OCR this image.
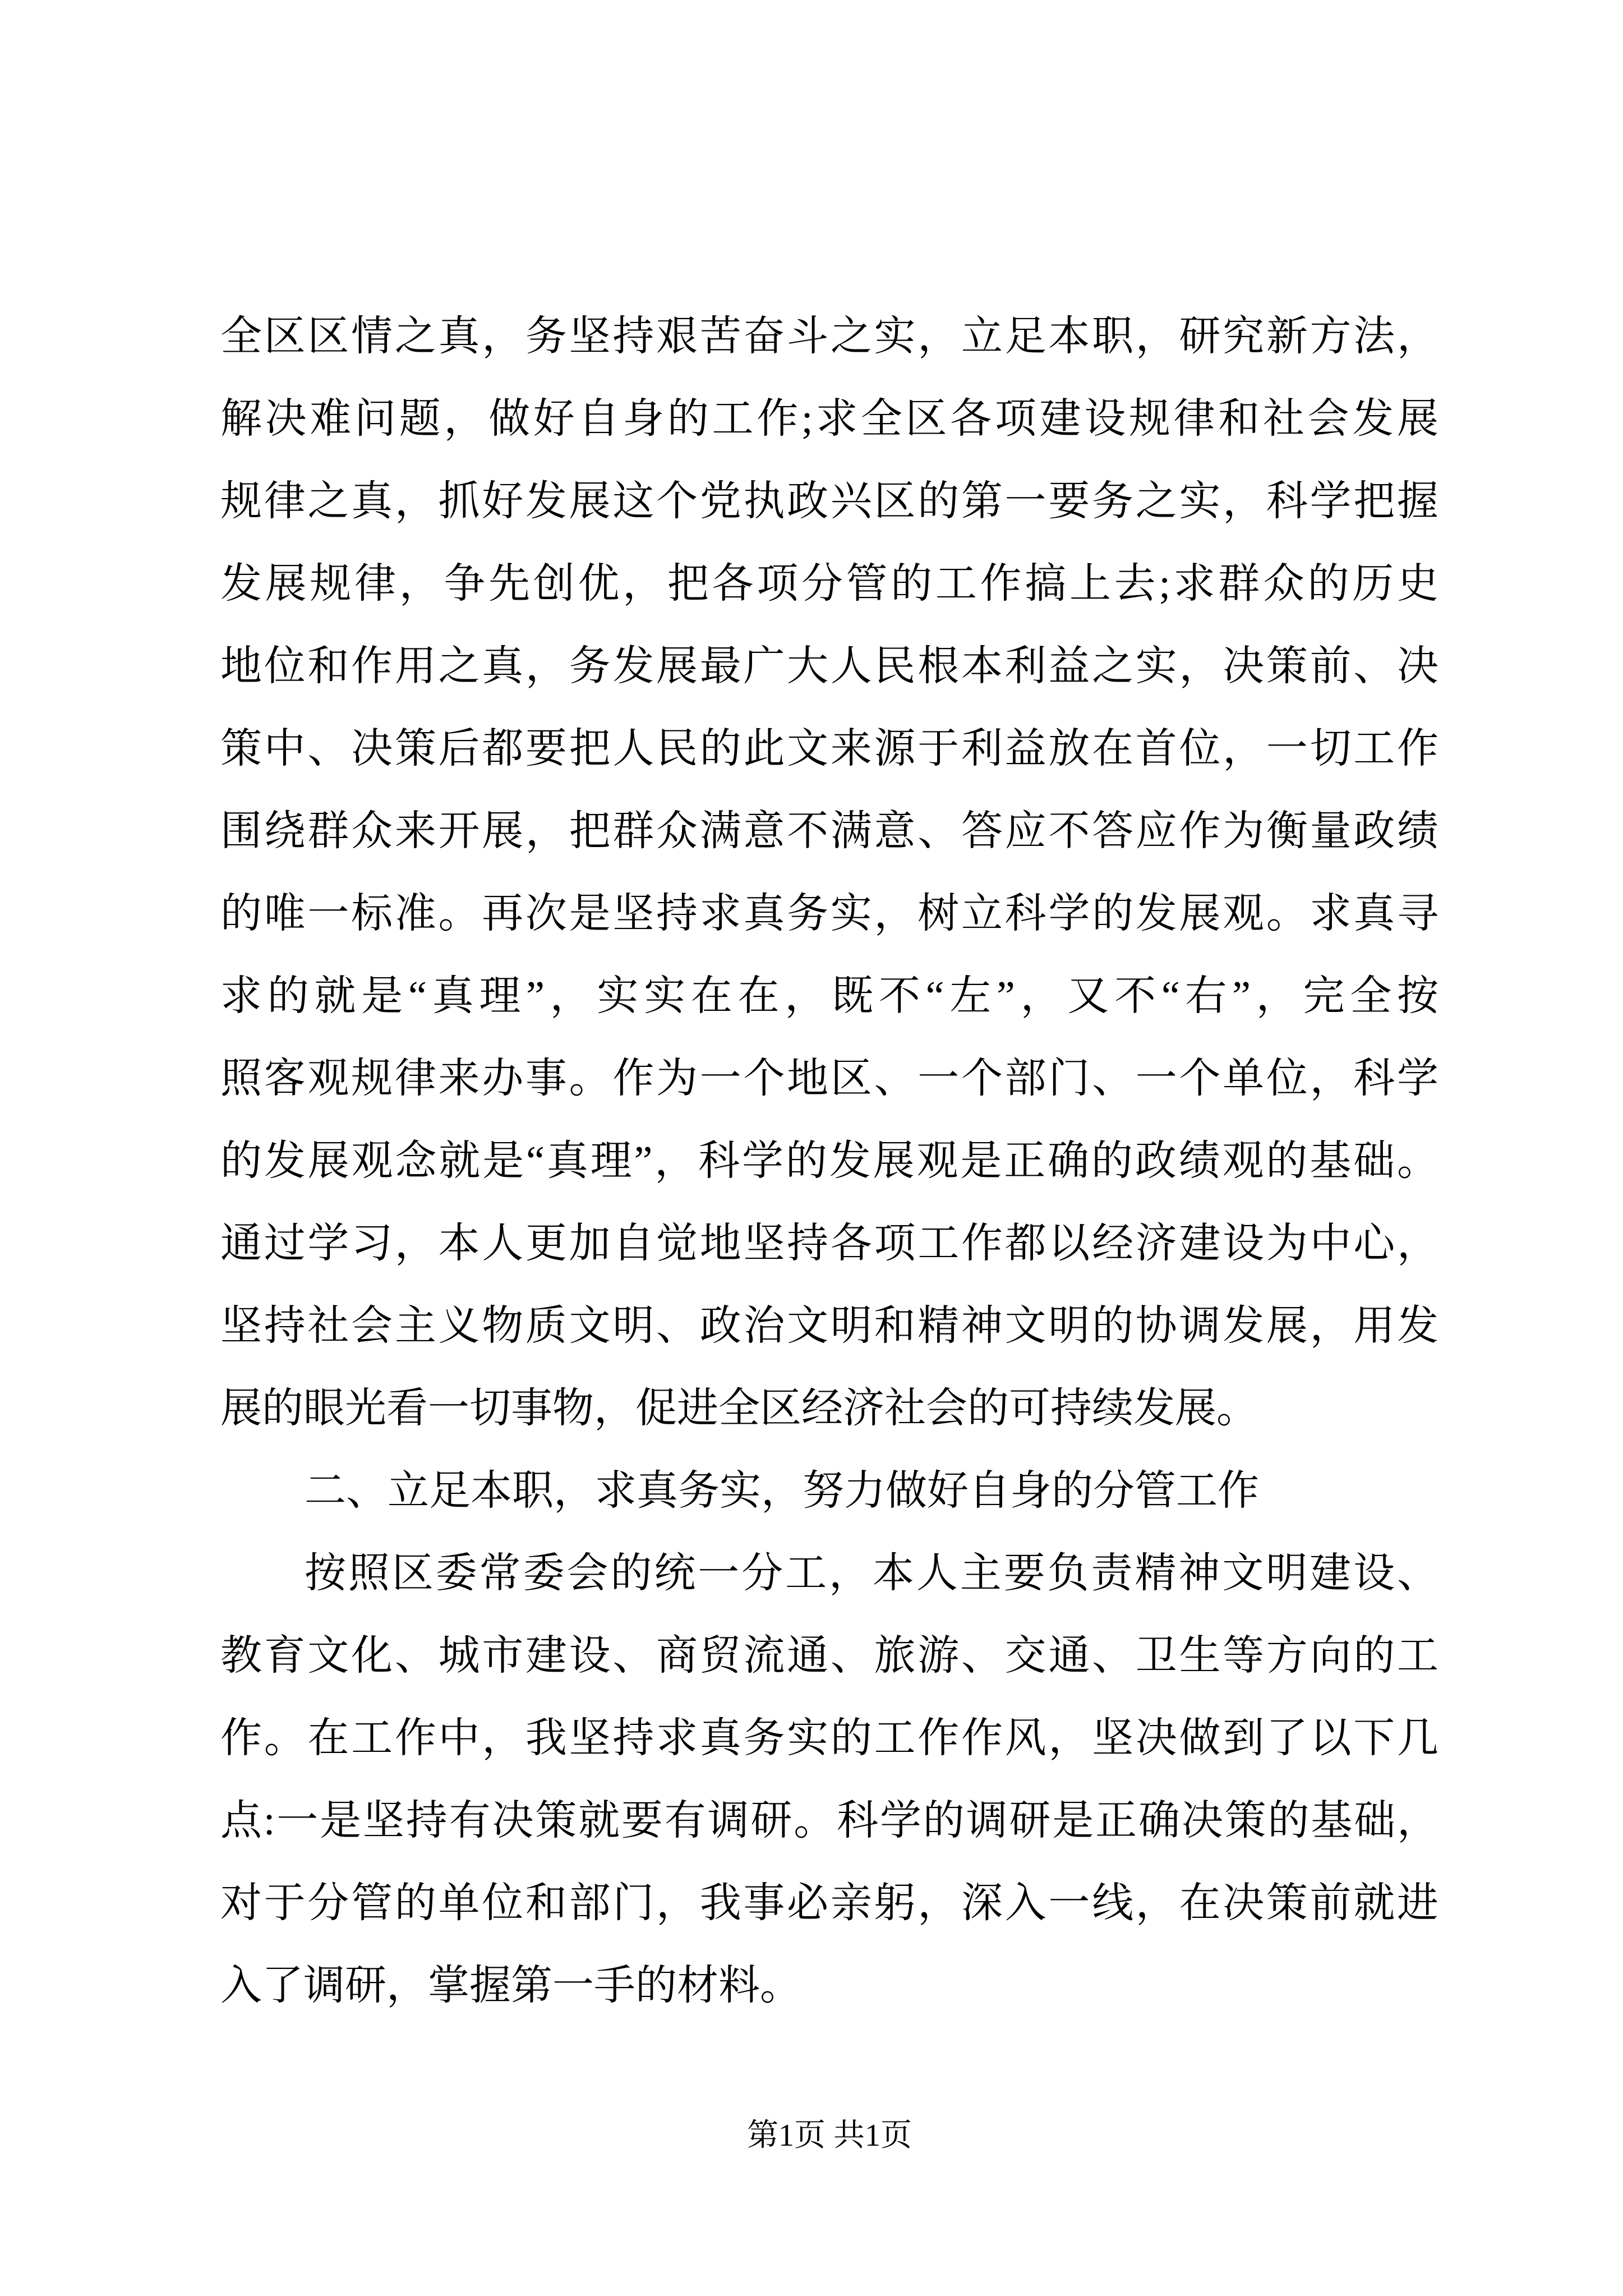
全区区情之真，务坚持艰苦奋斗之实，立足本职，研究新方法，
解决难问题，做好自身的工作;求全区各项建设规律和社会发展
规律之真，抓好发展这个党执政兴区的第一要务之实，科学把握
发展规律，争先创优，把各项分管的工作搞上去;求群众的历史
地位和作用之真，务发展最广大人民根本利益之实，决策前、决
策中、决策后都要把人民的此文来源于利益放在首位，一切工作
围绕群众来开展，把群众满意不满意、答应不答应作为衡量政绩
的唯一标准。再次是坚持求真务实，树立科学的发展观。求真寻
求的就是“真理”，实实在在，既不“左”，又不“右”，完全按
照客观规律来办事。作为一个地区、一个部门、一个单位，科学
的发展观念就是“真理”，科学的发展观是正确的政绩观的基础。
通过学习，本人更加自觉地坚持各项工作都以经济建设为中心，
坚持社会主义物质文明、政治文明和精神文明的协调发展，用发
展的眼光看一切事物，促进全区经济社会的可持续发展。
二、立足本职，求真务实，努力做好自身的分管工作
按照区委常委会的统一分工，本人主要负责精神文明建设、
教育文化、城市建设、商贸流通、旅游、交通、卫生等方向的工
作。在工作中，我坚持求真务实的工作作风，坚决做到了以下几
点:一是坚持有决策就要有调研。科学的调研是正确决策的基础，
对于分管的单位和部门，我事必亲躬，深入一线，在决策前就进
入了调研，掌握第一手的材料。
第1页 共1页
